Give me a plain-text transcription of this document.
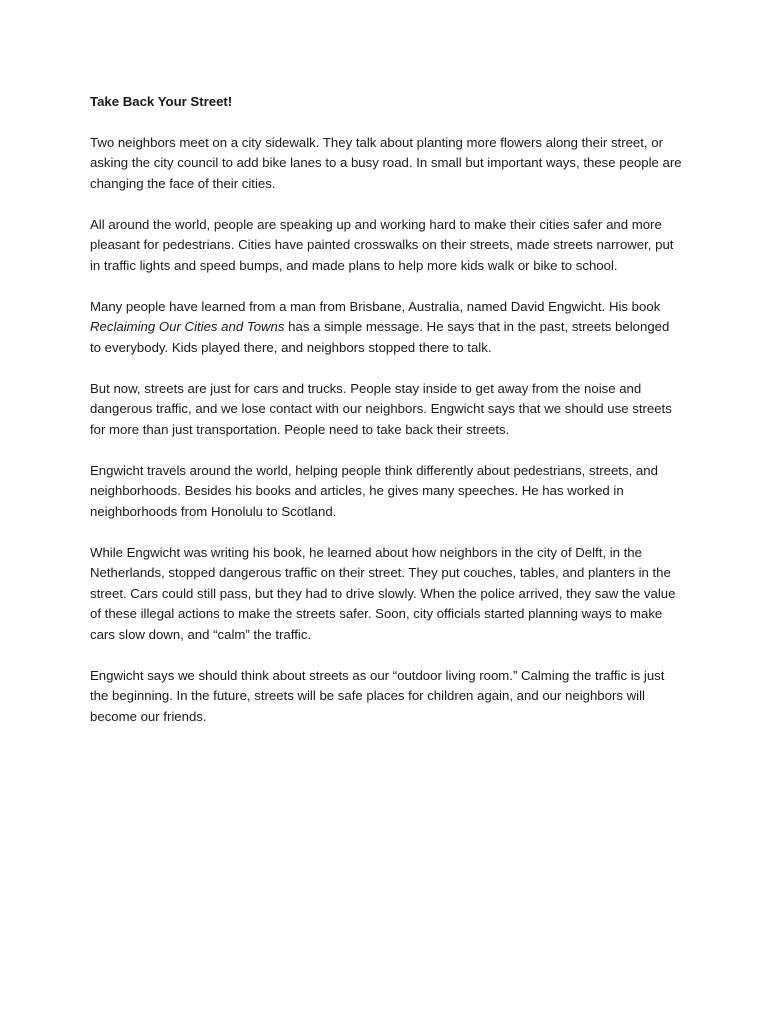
Take Back Your Street!

Two neighbors meet on a city sidewalk. They talk about planting more flowers along their street, or asking the city council to add bike lanes to a busy road. In small but important ways, these people are changing the face of their cities.

All around the world, people are speaking up and working hard to make their cities safer and more pleasant for pedestrians. Cities have painted crosswalks on their streets, made streets narrower, put in traffic lights and speed bumps, and made plans to help more kids walk or bike to school.

Many people have learned from a man from Brisbane, Australia, named David Engwicht. His book Reclaiming Our Cities and Towns has a simple message. He says that in the past, streets belonged to everybody. Kids played there, and neighbors stopped there to talk.

But now, streets are just for cars and trucks. People stay inside to get away from the noise and dangerous traffic, and we lose contact with our neighbors. Engwicht says that we should use streets for more than just transportation. People need to take back their streets.

Engwicht travels around the world, helping people think differently about pedestrians, streets, and neighborhoods. Besides his books and articles, he gives many speeches. He has worked in neighborhoods from Honolulu to Scotland.

While Engwicht was writing his book, he learned about how neighbors in the city of Delft, in the Netherlands, stopped dangerous traffic on their street. They put couches, tables, and planters in the street. Cars could still pass, but they had to drive slowly. When the police arrived, they saw the value of these illegal actions to make the streets safer. Soon, city officials started planning ways to make cars slow down, and “calm” the traffic.

Engwicht says we should think about streets as our “outdoor living room.” Calming the traffic is just the beginning. In the future, streets will be safe places for children again, and our neighbors will become our friends.
